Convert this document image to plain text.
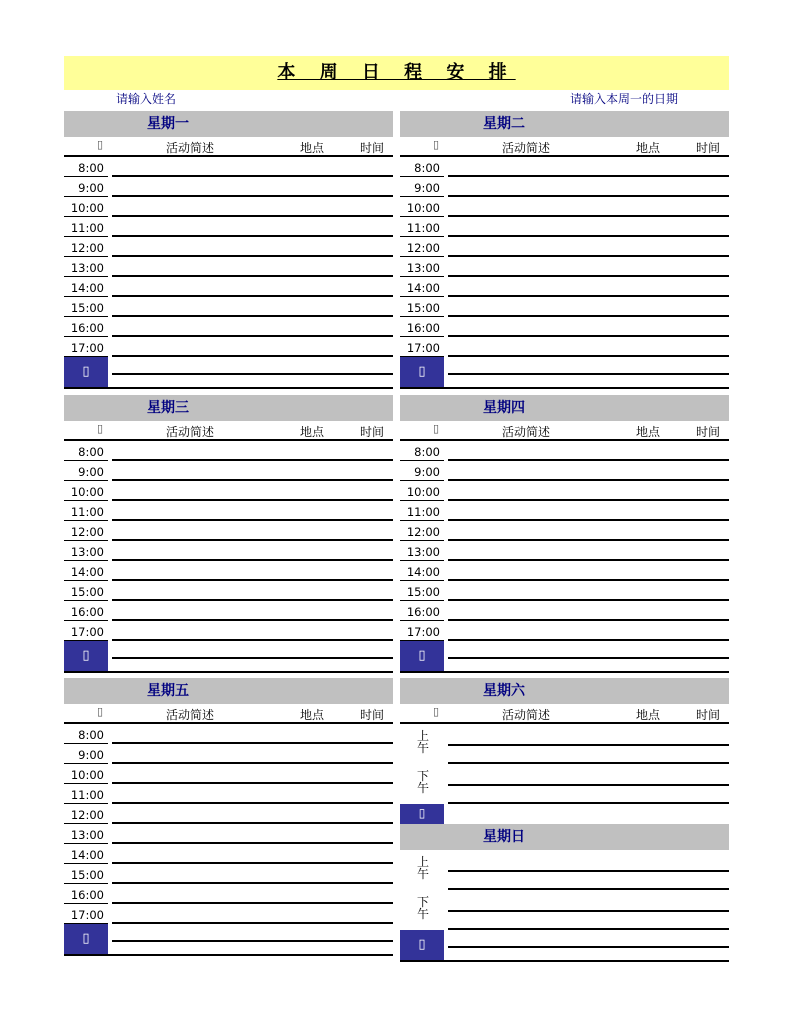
本 周 日 程 安 排
请输入姓名	请输入本周一的日期
星期一
▯	活动简述	地点	时间
8:00
9:00
10:00
11:00
12:00
13:00
14:00
15:00
16:00
17:00
▯
星期二
▯	活动简述	地点	时间
8:00
9:00
10:00
11:00
12:00
13:00
14:00
15:00
16:00
17:00
▯
星期三
▯	活动简述	地点	时间
8:00
9:00
10:00
11:00
12:00
13:00
14:00
15:00
16:00
17:00
▯
星期四
▯	活动简述	地点	时间
8:00
9:00
10:00
11:00
12:00
13:00
14:00
15:00
16:00
17:00
▯
星期五
▯	活动简述	地点	时间
8:00
9:00
10:00
11:00
12:00
13:00
14:00
15:00
16:00
17:00
▯
星期六
▯	活动简述	地点	时间
上午
下午
▯
星期日
上午
下午
▯
